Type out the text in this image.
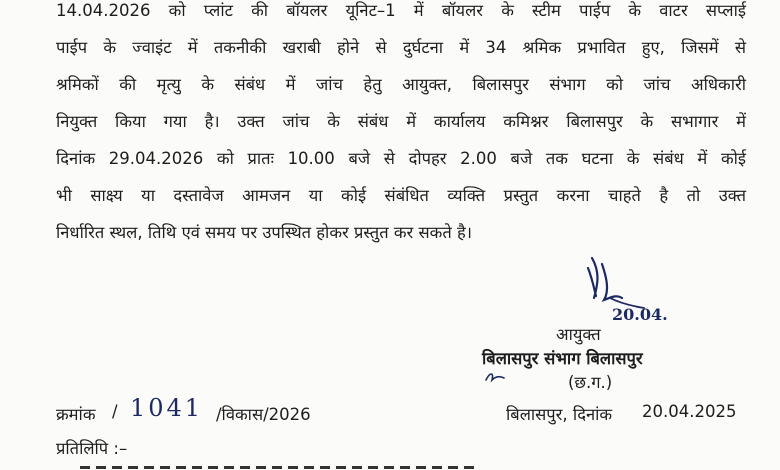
14.04.2026 को प्लांट की बॉयलर यूनिट–1 में बॉयलर के स्टीम पाईप के वाटर सप्लाई
पाईप के ज्वाइंट में तकनीकी खराबी होने से दुर्घटना में 34 श्रमिक प्रभावित हुए, जिसमें से
श्रमिकों की मृत्यु के संबंध में जांच हेतु आयुक्त, बिलासपुर संभाग को जांच अधिकारी
नियुक्त किया गया है। उक्त जांच के संबंध में कार्यालय कमिश्नर बिलासपुर के सभागार में
दिनांक 29.04.2026 को प्रातः 10.00 बजे से दोपहर 2.00 बजे तक घटना के संबंध में कोई
भी साक्ष्य या दस्तावेज आमजन या कोई संबंधित व्यक्ति प्रस्तुत करना चाहते है तो उक्त
निर्धारित स्थल, तिथि एवं समय पर उपस्थित होकर प्रस्तुत कर सकते है।
20.04.
आयुक्त
बिलासपुर संभाग बिलासपुर
(छ.ग.)
क्रमांक / 1041 /विकास/2026	बिलासपुर, दिनांक 20.04.2025
प्रतिलिपि :–
